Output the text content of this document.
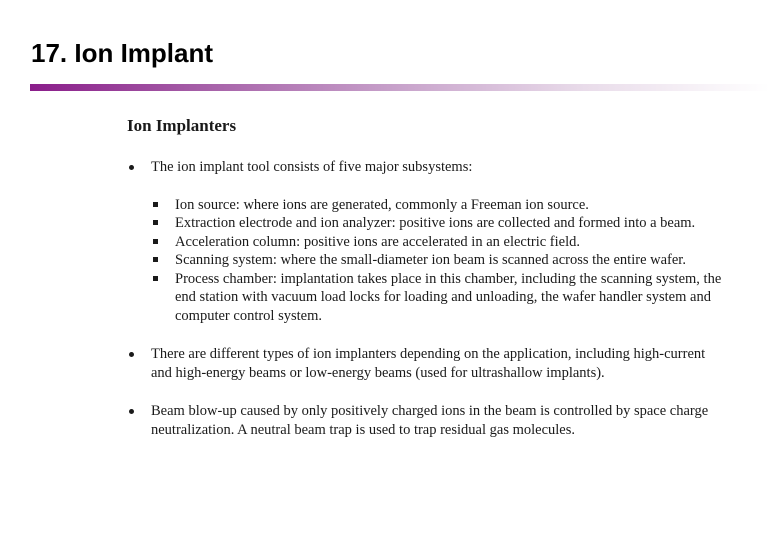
17. Ion Implant
Ion Implanters
The ion implant tool consists of five major subsystems:
Ion source: where ions are generated, commonly a Freeman ion source.
Extraction electrode and ion analyzer: positive ions are collected and formed into a beam.
Acceleration column: positive ions are accelerated in an electric field.
Scanning system: where the small-diameter ion beam is scanned across the entire wafer.
Process chamber: implantation takes place in this chamber, including the scanning system, the end station with vacuum load locks for loading and unloading, the wafer handler system and computer control system.
There are different types of ion implanters depending on the application, including high-current and high-energy beams or low-energy beams (used for ultrashallow implants).
Beam blow-up caused by only positively charged ions in the beam is controlled by space charge neutralization. A neutral beam trap is used to trap residual gas molecules.
